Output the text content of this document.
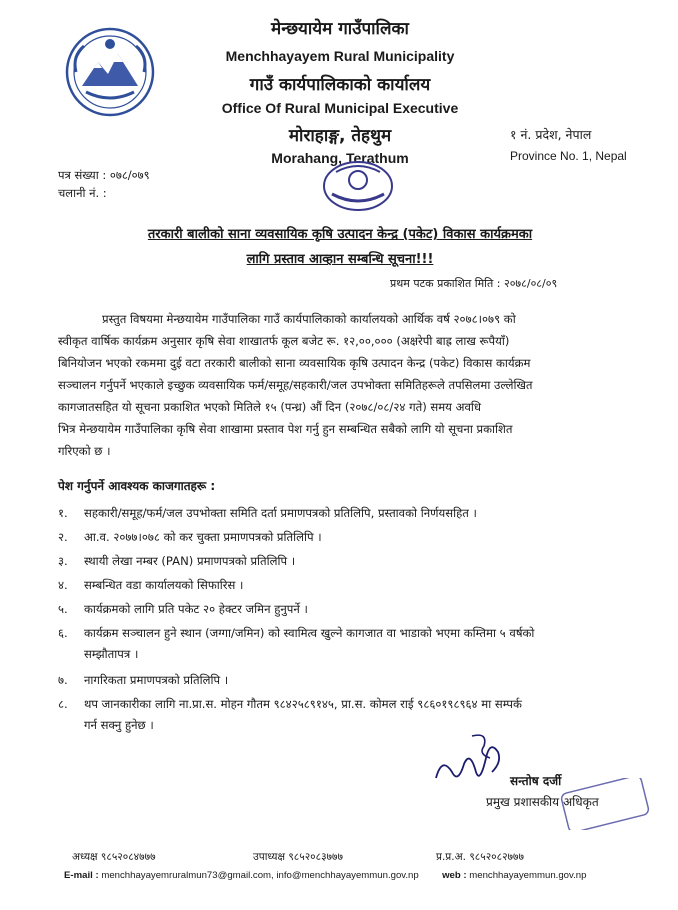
मेन्छयायेम गाउँपालिका
Menchhayayem Rural Municipality
गाउँ कार्यपालिकाको कार्यालय
Office Of Rural Municipal Executive
मोराहाङ्ग, तेहथुम
Morahang, Terathum
१ नं. प्रदेश, नेपाल
Province No. 1, Nepal
पत्र संख्या : ०७८/०७९
चलानी नं. :
तरकारी बालीको साना व्यवसायिक कृषि उत्पादन केन्द्र (पकेट) विकास कार्यक्रमका
लागि प्रस्ताव आव्हान सम्बन्धि सूचना!!!
प्रथम पटक प्रकाशित मिति : २०७८/०८/०९
प्रस्तुत विषयमा मेन्छयायेम गाउँपालिका गाउँ कार्यपालिकाको कार्यालयको आर्थिक वर्ष २०७८।०७९ को
स्वीकृत वार्षिक कार्यक्रम अनुसार कृषि सेवा शाखातर्फ कूल बजेट रू. १२,००,००० (अक्षरेपी बाह्र लाख रूपैयाँ)
बिनियोजन भएको रकममा दुई वटा तरकारी बालीको साना व्यवसायिक कृषि उत्पादन केन्द्र (पकेट) विकास कार्यक्रम
सञ्चालन गर्नुपर्ने भएकाले इच्छुक व्यवसायिक फर्म/समूह/सहकारी/जल उपभोक्ता समितिहरूले तपसिलमा उल्लेखित
कागजातसहित यो सूचना प्रकाशित भएको मितिले १५ (पन्ध्र) औं दिन (२०७८/०८/२४ गते) समय अवधि
भित्र मेन्छयायेम गाउँपालिका कृषि सेवा शाखामा प्रस्ताव पेश गर्नु हुन सम्बन्धित सबैको लागि यो सूचना प्रकाशित
गरिएको छ ।
पेश गर्नुपर्ने आवश्यक काजगातहरू :
१. सहकारी/समूह/फर्म/जल उपभोक्ता समिति दर्ता प्रमाणपत्रको प्रतिलिपि, प्रस्तावको निर्णयसहित ।
२. आ.व. २०७७।०७८ को कर चुक्ता प्रमाणपत्रको प्रतिलिपि ।
३. स्थायी लेखा नम्बर (PAN) प्रमाणपत्रको प्रतिलिपि ।
४. सम्बन्धित वडा कार्यालयको सिफारिस ।
५. कार्यक्रमको लागि प्रति पकेट २० हेक्टर जमिन हुनुपर्ने ।
६. कार्यक्रम सञ्चालन हुने स्थान (जग्गा/जमिन) को स्वामित्व खुल्ने कागजात वा भाडाको भएमा कम्तिमा ५ वर्षको
सम्झौतापत्र ।
७. नागरिकता प्रमाणपत्रको प्रतिलिपि ।
८. थप जानकारीका लागि ना.प्रा.स. मोहन गौतम ९८४२५८९१४५, प्रा.स. कोमल राई ९८६०१९८९६४ मा सम्पर्क
गर्न सक्नु हुनेछ ।
सन्तोष दर्जी
प्रमुख प्रशासकीय अधिकृत
अध्यक्ष ९८५२०८४७७७	उपाध्यक्ष ९८५२०८३७७७	प्र.प्र.अ. ९८५२०८२७७७
E-mail : menchhayayemruralmun73@gmail.com, info@menchhayayemmun.gov.np web : menchhayayemmun.gov.np
